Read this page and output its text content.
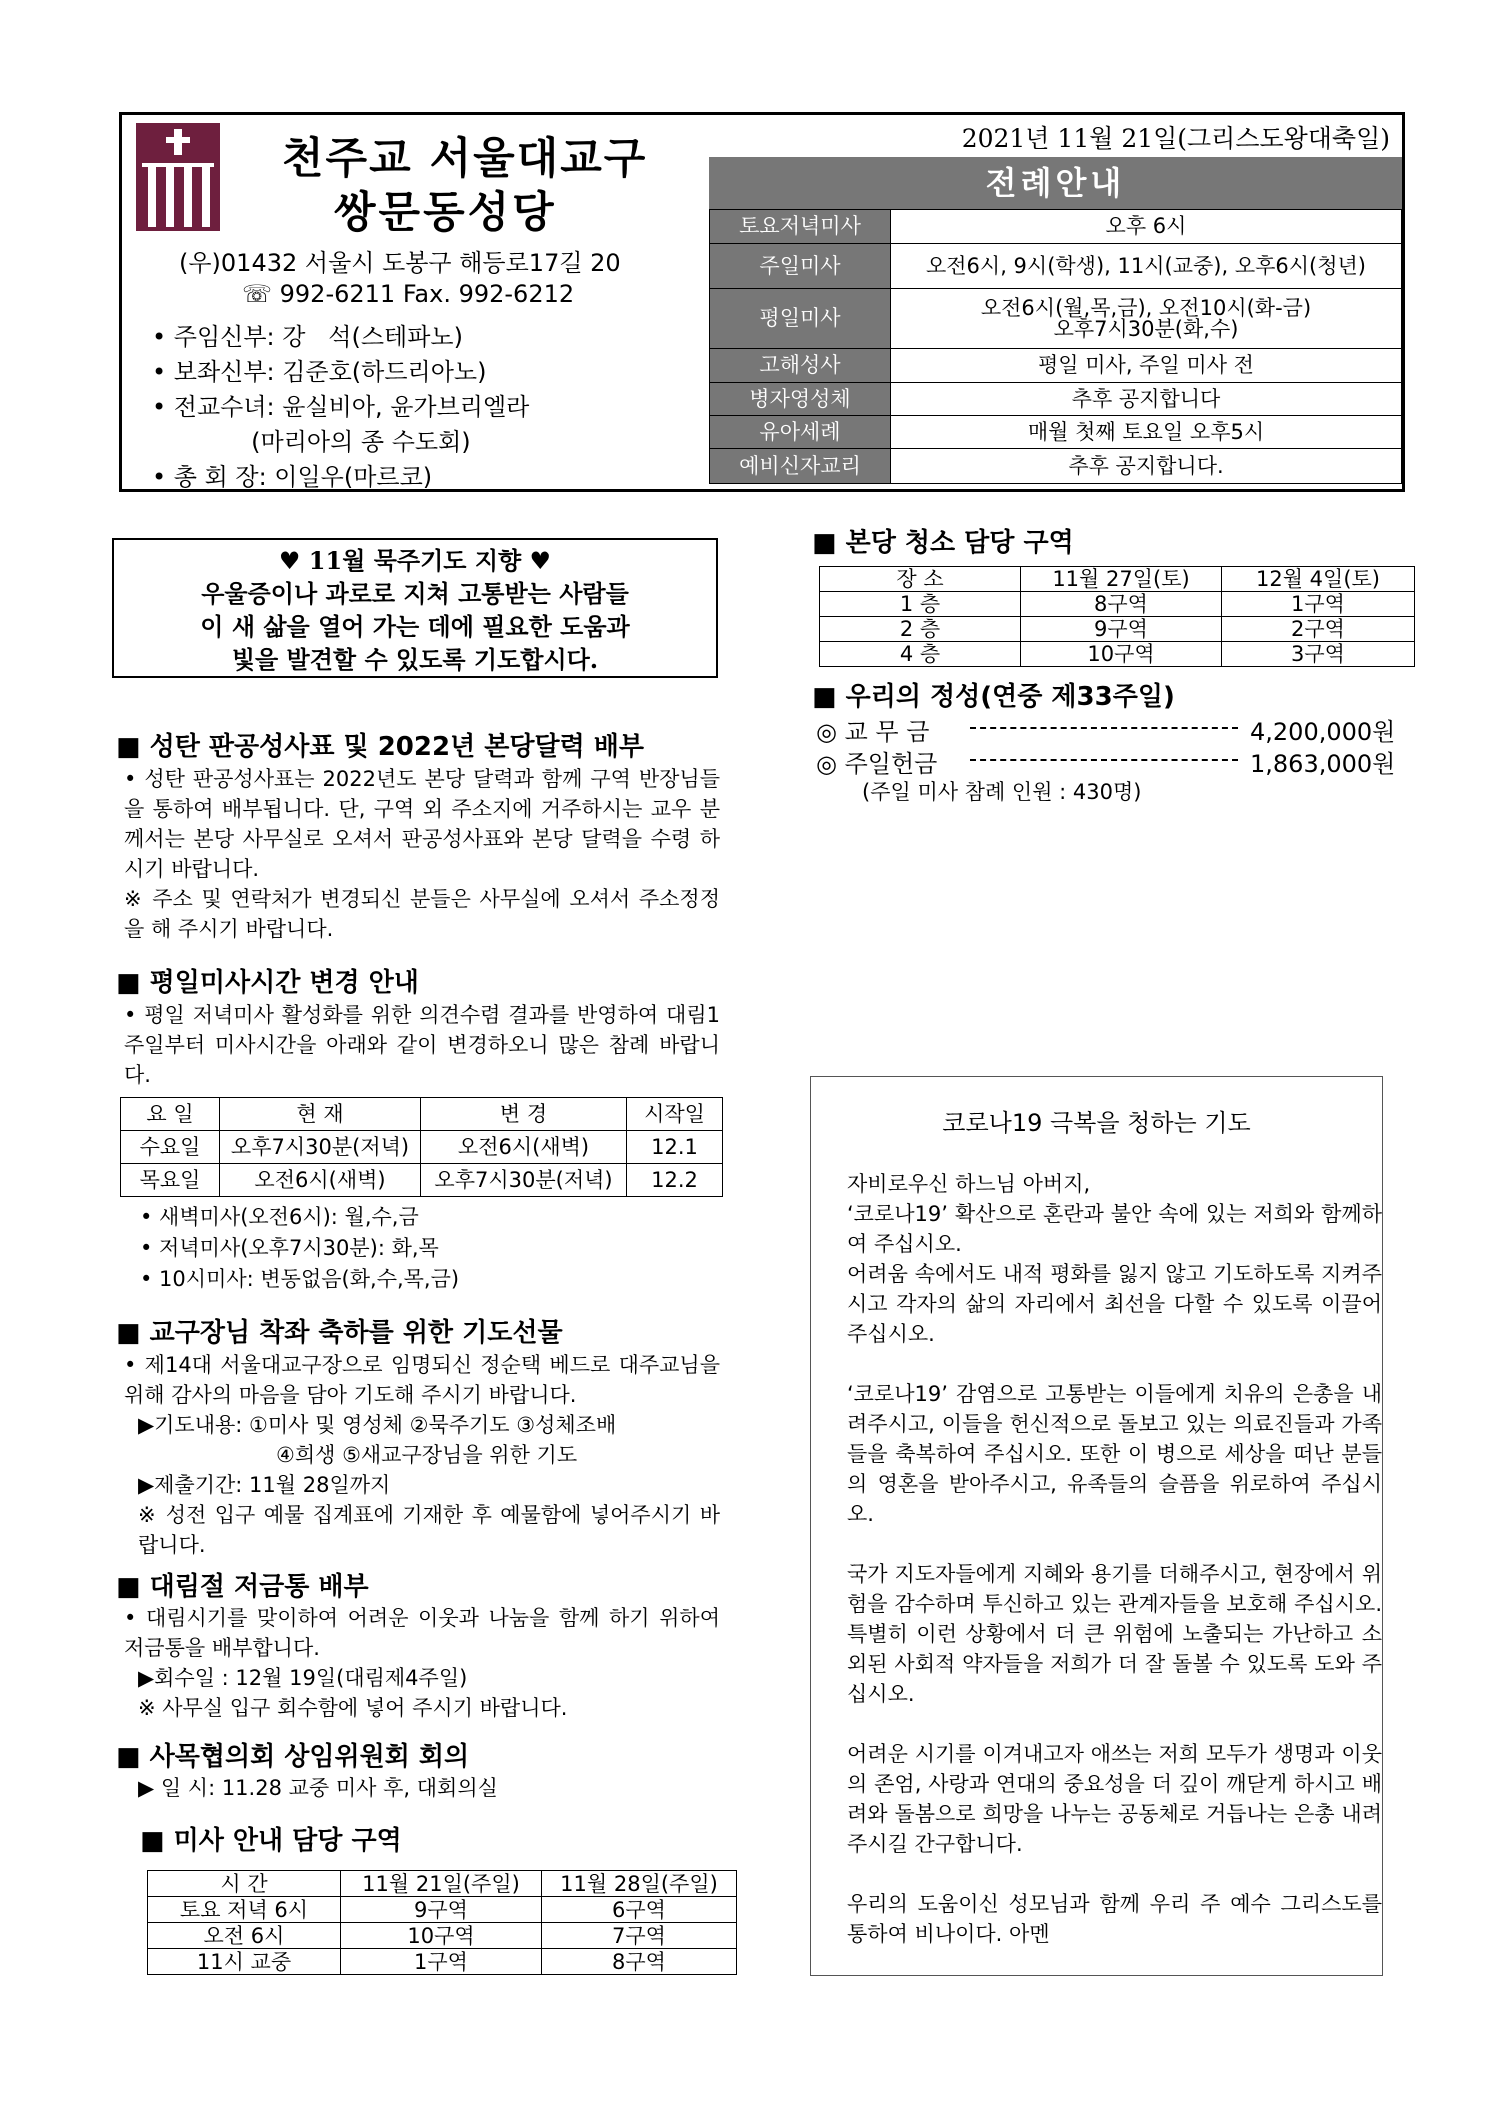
천주교 서울대교구
쌍문동성당
(우)01432 서울시 도봉구 해등로17길 20
☏ 992-6211 Fax. 992-6212
• 주임신부: 강   석(스테파노)
• 보좌신부: 김준호(하드리아노)
• 전교수녀: 윤실비아, 윤가브리엘라
(마리아의 종 수도회)
• 총 회 장: 이일우(마르코)
2021년 11월 21일(그리스도왕대축일)
전례안내
토요저녁미사	오후 6시
주일미사	오전6시, 9시(학생), 11시(교중), 오후6시(청년)
평일미사	오전6시(월,목,금), 오전10시(화-금)
오후7시30분(화,수)
고해성사	평일 미사, 주일 미사 전
병자영성체	추후 공지합니다
유아세례	매월 첫째 토요일 오후5시
예비신자교리	추후 공지합니다.
♥ 11월 묵주기도 지향 ♥
우울증이나 과로로 지쳐 고통받는 사람들
이 새 삶을 열어 가는 데에 필요한 도움과
빛을 발견할 수 있도록 기도합시다.
■ 성탄 판공성사표 및 2022년 본당달력 배부

• 성탄 판공성사표는 2022년도 본당 달력과 함께 구역 반장님들을 통하여 배부됩니다. 단, 구역 외 주소지에 거주하시는 교우 분께서는 본당 사무실로 오셔서 판공성사표와 본당 달력을 수령 하시기 바랍니다.

※ 주소 및 연락처가 변경되신 분들은 사무실에 오셔서 주소정정을 해 주시기 바랍니다.

■ 평일미사시간 변경 안내

• 평일 저녁미사 활성화를 위한 의견수렴 결과를 반영하여 대림1주일부터 미사시간을 아래와 같이 변경하오니 많은 참례 바랍니다.

요 일	현 재	변 경	시작일
수요일	오후7시30분(저녁)	오전6시(새벽)	12.1
목요일	오전6시(새벽)	오후7시30분(저녁)	12.2
• 새벽미사(오전6시): 월,수,금
• 저녁미사(오후7시30분): 화,목
• 10시미사: 변동없음(화,수,목,금)
■ 교구장님 착좌 축하를 위한 기도선물

• 제14대 서울대교구장으로 임명되신 정순택 베드로 대주교님을 위해 감사의 마음을 담아 기도해 주시기 바랍니다.

▶기도내용: ①미사 및 영성체 ②묵주기도 ③성체조배

④희생 ⑤새교구장님을 위한 기도

▶제출기간: 11월 28일까지

※ 성전 입구 예물 집계표에 기재한 후 예물함에 넣어주시기 바랍니다.

■ 대림절 저금통 배부

• 대림시기를 맞이하여 어려운 이웃과 나눔을 함께 하기 위하여 저금통을 배부합니다.

▶회수일 : 12월 19일(대림제4주일)

※ 사무실 입구 회수함에 넣어 주시기 바랍니다.

■ 사목협의회 상임위원회 회의

▶ 일 시: 11.28 교중 미사 후, 대회의실

■ 미사 안내 담당 구역
시 간	11월 21일(주일)	11월 28일(주일)
토요 저녁 6시	9구역	6구역
오전 6시	10구역	7구역
11시 교중	1구역	8구역
■ 본당 청소 담당 구역
장 소	11월 27일(토)	12월 4일(토)
1 층	8구역	1구역
2 층	9구역	2구역
4 층	10구역	3구역
■ 우리의 정성(연중 제33주일)
◎ 교 무 금	4,200,000원
◎ 주일헌금	1,863,000원
(주일 미사 참례 인원 : 430명)
코로나19 극복을 청하는 기도

자비로우신 하느님 아버지,
‘코로나19’ 확산으로 혼란과 불안 속에 있는 저희와 함께하여 주십시오.
어려움 속에서도 내적 평화를 잃지 않고 기도하도록 지켜주시고 각자의 삶의 자리에서 최선을 다할 수 있도록 이끌어 주십시오.

‘코로나19’ 감염으로 고통받는 이들에게 치유의 은총을 내려주시고, 이들을 헌신적으로 돌보고 있는 의료진들과 가족들을 축복하여 주십시오. 또한 이 병으로 세상을 떠난 분들의 영혼을 받아주시고, 유족들의 슬픔을 위로하여 주십시오.

국가 지도자들에게 지혜와 용기를 더해주시고, 현장에서 위험을 감수하며 투신하고 있는 관계자들을 보호해 주십시오. 특별히 이런 상황에서 더 큰 위험에 노출되는 가난하고 소외된 사회적 약자들을 저희가 더 잘 돌볼 수 있도록 도와 주십시오.

어려운 시기를 이겨내고자 애쓰는 저희 모두가 생명과 이웃의 존엄, 사랑과 연대의 중요성을 더 깊이 깨닫게 하시고 배려와 돌봄으로 희망을 나누는 공동체로 거듭나는 은총 내려 주시길 간구합니다.

우리의 도움이신 성모님과 함께 우리 주 예수 그리스도를 통하여 비나이다. 아멘
